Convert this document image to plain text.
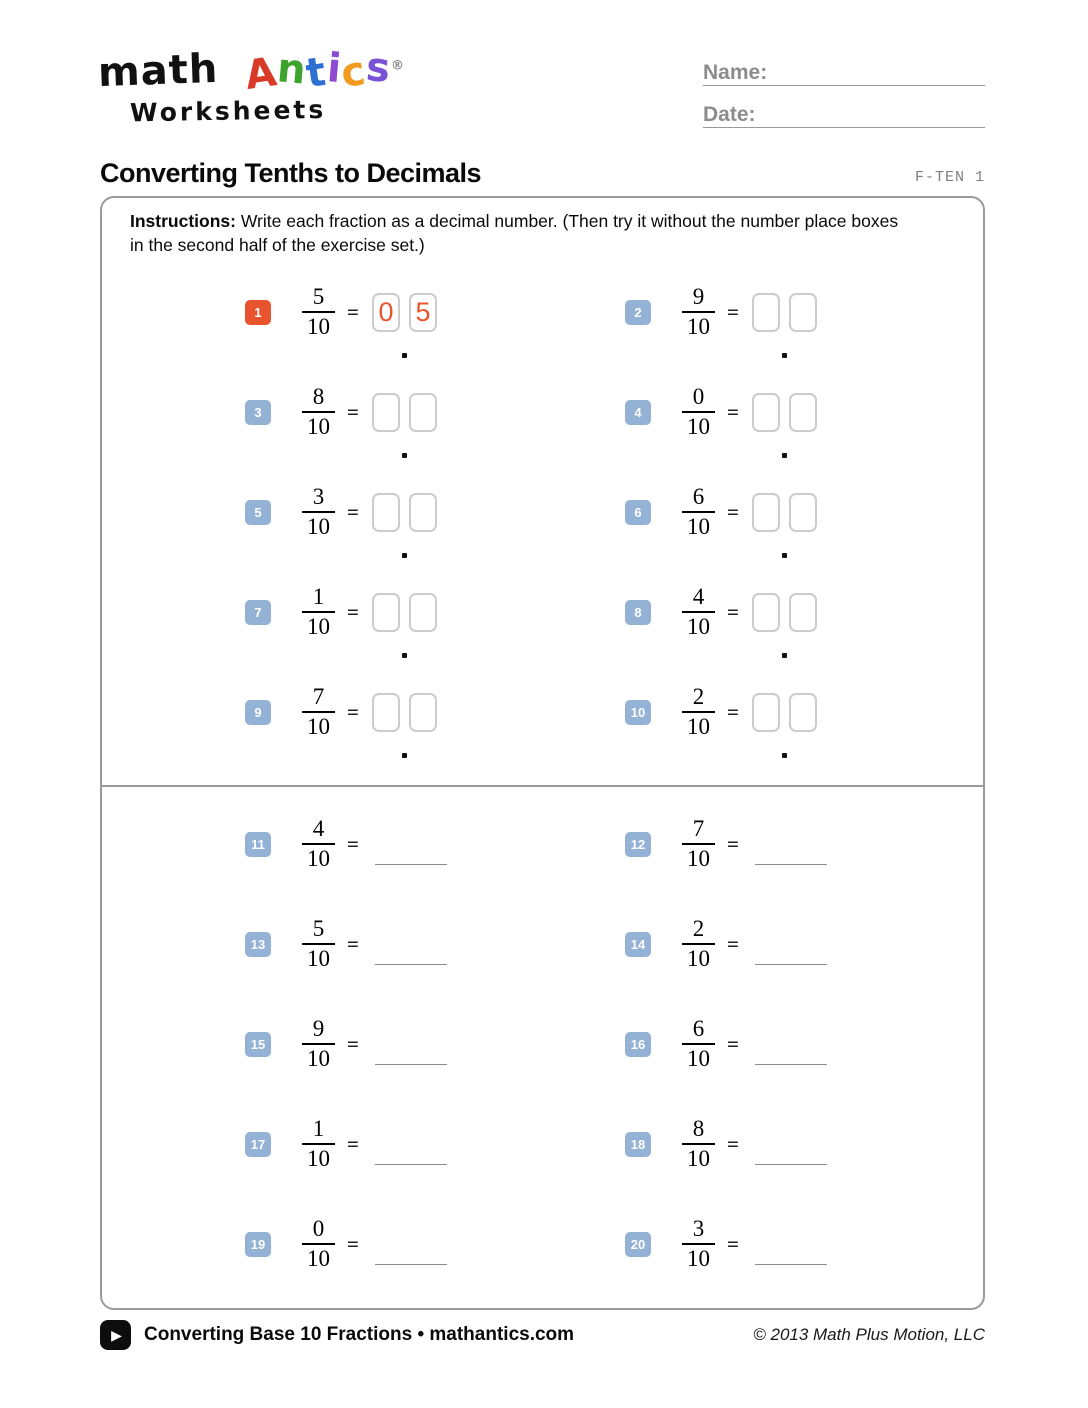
math Antics®
Worksheets
Name:
Date:
Converting Tenths to Decimals	F-TEN 1

Instructions: Write each fraction as a decimal number. (Then try it without the number place boxes in the second half of the exercise set.)

1	$\frac{5}{10} = 0$ 5	2	$\frac{9}{10}$ =
3	$\frac{8}{10}$ =	4	$\frac{0}{10}$ =
5	$\frac{3}{10}$ =	6	$\frac{6}{10}$ =
7	$\frac{1}{10}$ =	8	$\frac{4}{10}$ =
9	$\frac{7}{10}$ =	$10 \frac{2}{10}$ =
$11 \frac{4}{10}$ =	$12 \frac{7}{10}$ =
$13 \frac{5}{10}$ =	$14 \frac{2}{10}$ =
$15 \frac{9}{10}$ =	$16 \frac{6}{10}$ =
$17 \frac{1}{10}$ =	$18 \frac{8}{10}$ =
$19 \frac{0}{10}$ =	$20 \frac{3}{10}$ =
▶
Converting Base 10 Fractions • mathantics.com	© 2013 Math Plus Motion, LLC
